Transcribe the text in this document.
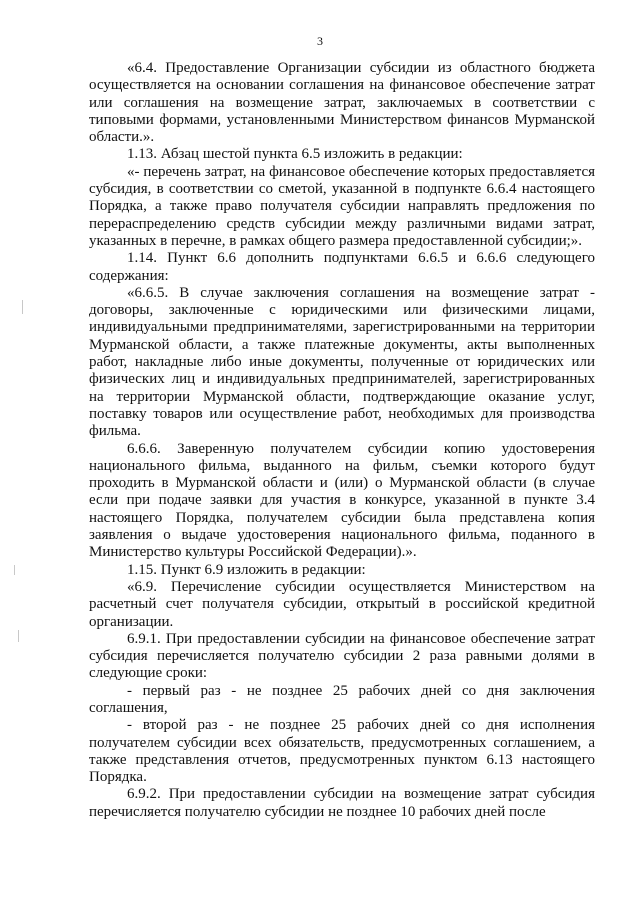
3

«6.4. Предоставление Организации субсидии из областного бюджета осуществляется на основании соглашения на финансовое обеспечение затрат или соглашения на возмещение затрат, заключаемых в соответствии с типовыми формами, установленными Министерством финансов Мурманской области.».

1.13. Абзац шестой пункта 6.5 изложить в редакции:

«- перечень затрат, на финансовое обеспечение которых предоставляется субсидия, в соответствии со сметой, указанной в подпункте 6.6.4 настоящего Порядка, а также право получателя субсидии направлять предложения по перераспределению средств субсидии между различными видами затрат, указанных в перечне, в рамках общего размера предоставленной субсидии;».

1.14. Пункт 6.6 дополнить подпунктами 6.6.5 и 6.6.6 следующего содержания:

«6.6.5. В случае заключения соглашения на возмещение затрат - договоры, заключенные с юридическими или физическими лицами, индивидуальными предпринимателями, зарегистрированными на территории Мурманской области, а также платежные документы, акты выполненных работ, накладные либо иные документы, полученные от юридических или физических лиц и индивидуальных предпринимателей, зарегистрированных на территории Мурманской области, подтверждающие оказание услуг, поставку товаров или осуществление работ, необходимых для производства фильма.

6.6.6. Заверенную получателем субсидии копию удостоверения национального фильма, выданного на фильм, съемки которого будут проходить в Мурманской области и (или) о Мурманской области (в случае если при подаче заявки для участия в конкурсе, указанной в пункте 3.4 настоящего Порядка, получателем субсидии была представлена копия заявления о выдаче удостоверения национального фильма, поданного в Министерство культуры Российской Федерации).».

1.15. Пункт 6.9 изложить в редакции:

«6.9. Перечисление субсидии осуществляется Министерством на расчетный счет получателя субсидии, открытый в российской кредитной организации.

6.9.1. При предоставлении субсидии на финансовое обеспечение затрат субсидия перечисляется получателю субсидии 2 раза равными долями в следующие сроки:

- первый раз - не позднее 25 рабочих дней со дня заключения соглашения,

- второй раз - не позднее 25 рабочих дней со дня исполнения получателем субсидии всех обязательств, предусмотренных соглашением, а также представления отчетов, предусмотренных пунктом 6.13 настоящего Порядка.

6.9.2. При предоставлении субсидии на возмещение затрат субсидия перечисляется получателю субсидии не позднее 10 рабочих дней после
